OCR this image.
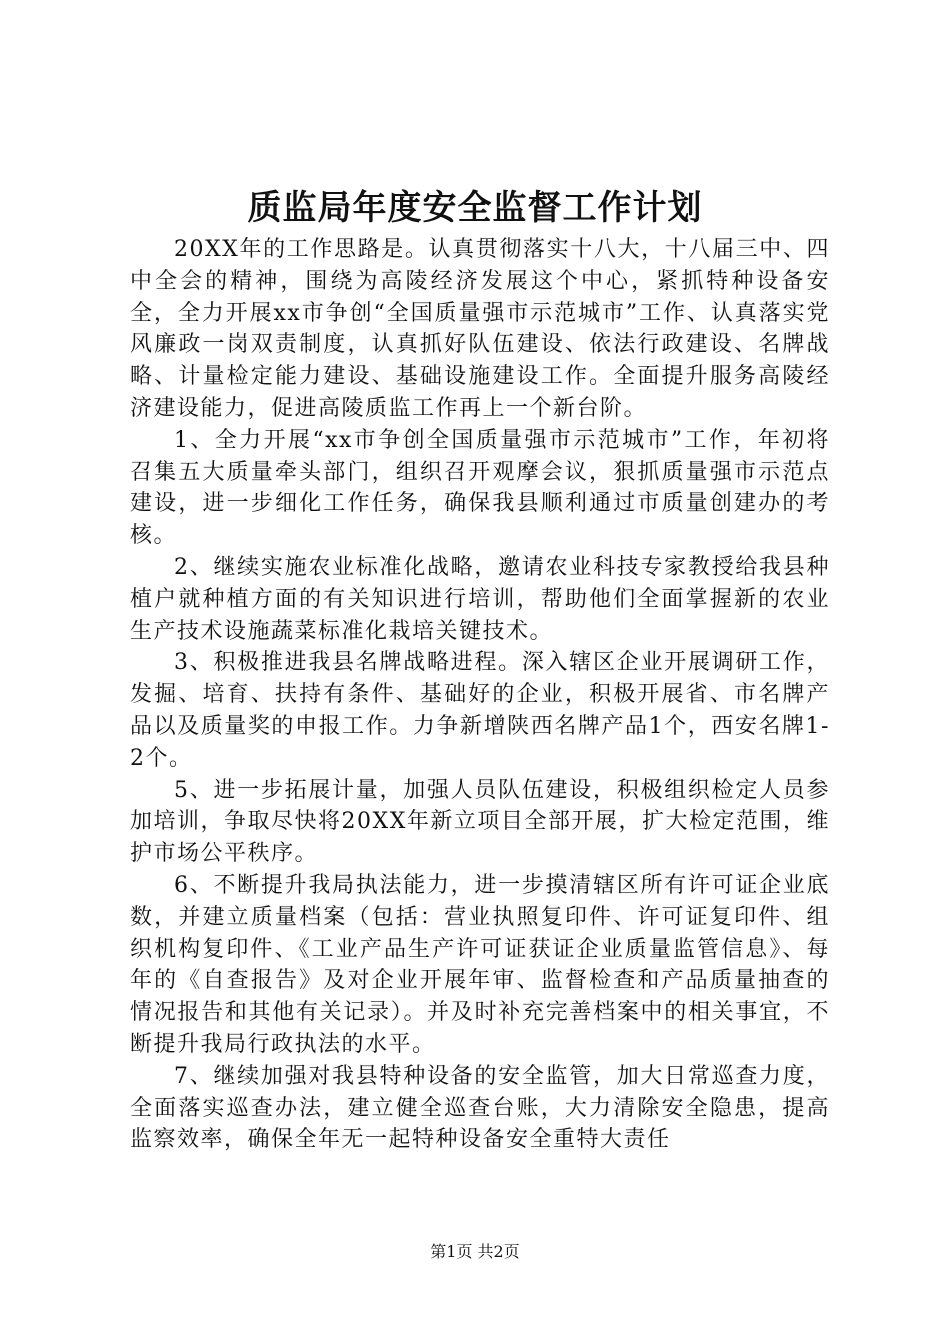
质监局年度安全监督工作计划

20XX年的工作思路是。认真贯彻落实十八大，十八届三中、四中全会的精神，围绕为高陵经济发展这个中心，紧抓特种设备安全，全力开展xx市争创“全国质量强市示范城市”工作、认真落实党风廉政一岗双责制度，认真抓好队伍建设、依法行政建设、名牌战略、计量检定能力建设、基础设施建设工作。全面提升服务高陵经济建设能力，促进高陵质监工作再上一个新台阶。

1、全力开展“xx市争创全国质量强市示范城市”工作，年初将召集五大质量牵头部门，组织召开观摩会议，狠抓质量强市示范点建设，进一步细化工作任务，确保我县顺利通过市质量创建办的考核。

2、继续实施农业标准化战略，邀请农业科技专家教授给我县种植户就种植方面的有关知识进行培训，帮助他们全面掌握新的农业生产技术设施蔬菜标准化栽培关键技术。

3、积极推进我县名牌战略进程。深入辖区企业开展调研工作，发掘、培育、扶持有条件、基础好的企业，积极开展省、市名牌产品以及质量奖的申报工作。力争新增陕西名牌产品1个，西安名牌1-2个。

5、进一步拓展计量，加强人员队伍建设，积极组织检定人员参加培训，争取尽快将20XX年新立项目全部开展，扩大检定范围，维护市场公平秩序。

6、不断提升我局执法能力，进一步摸清辖区所有许可证企业底数，并建立质量档案（包括：营业执照复印件、许可证复印件、组织机构复印件、《工业产品生产许可证获证企业质量监管信息》、每年的《自查报告》及对企业开展年审、监督检查和产品质量抽查的情况报告和其他有关记录）。并及时补充完善档案中的相关事宜，不断提升我局行政执法的水平。

7、继续加强对我县特种设备的安全监管，加大日常巡查力度，全面落实巡查办法，建立健全巡查台账，大力清除安全隐患，提高监察效率，确保全年无一起特种设备安全重特大责任

第1页 共2页
